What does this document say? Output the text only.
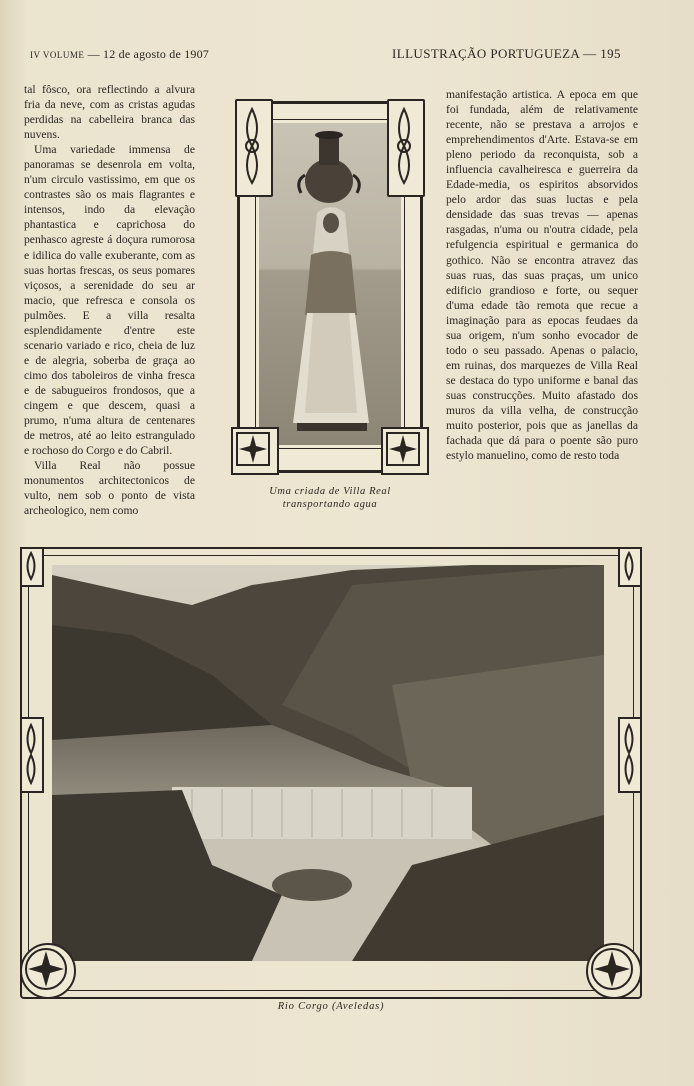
IV VOLUME — 12 de agosto de 1907	ILLUSTRAÇÃO PORTUGUEZA — 195

tal fôsco, ora reflectindo a alvura fria da neve, com as cristas agudas perdidas na cabelleira branca das nuvens.

Uma variedade immensa de panoramas se desenrola em volta, n'um circulo vastissimo, em que os contrastes são os mais flagrantes e intensos, indo da elevação phantastica e caprichosa do penhasco agreste á doçura rumorosa e idilica do valle exuberante, com as suas hortas frescas, os seus pomares viçosos, a serenidade do seu ar macio, que refresca e consola os pulmões. E a villa resalta esplendidamente d'entre este scenario variado e rico, cheia de luz e de alegria, soberba de graça ao cimo dos taboleiros de vinha fresca e de sabugueiros frondosos, que a cingem e que descem, quasi a prumo, n'uma altura de centenares de metros, até ao leito estrangulado e rochoso do Corgo e do Cabril.

Villa Real não possue monumentos architectonicos de vulto, nem sob o ponto de vista archeologico, nem como

Uma criada de Villa Real transportando agua

manifestação artistica. A epoca em que foi fundada, além de relativamente recente, não se prestava a arrojos e emprehendimentos d'Arte. Estava-se em pleno periodo da reconquista, sob a influencia cavalheiresca e guerreira da Edade-media, os espiritos absorvidos pelo ardor das suas luctas e pela densidade das suas trevas — apenas rasgadas, n'uma ou n'outra cidade, pela refulgencia espiritual e germanica do gothico. Não se encontra atravez das suas ruas, das suas praças, um unico edificio grandioso e forte, ou sequer d'uma edade tão remota que recue a imaginação para as epocas feudaes da sua origem, n'um sonho evocador de todo o seu passado. Apenas o palacio, em ruinas, dos marquezes de Villa Real se destaca do typo uniforme e banal das suas construcções. Muito afastado dos muros da villa velha, de construcção muito posterior, pois que as janellas da fachada que dá para o poente são puro estylo manuelino, como de resto toda

Rio Corgo (Aveledas)
